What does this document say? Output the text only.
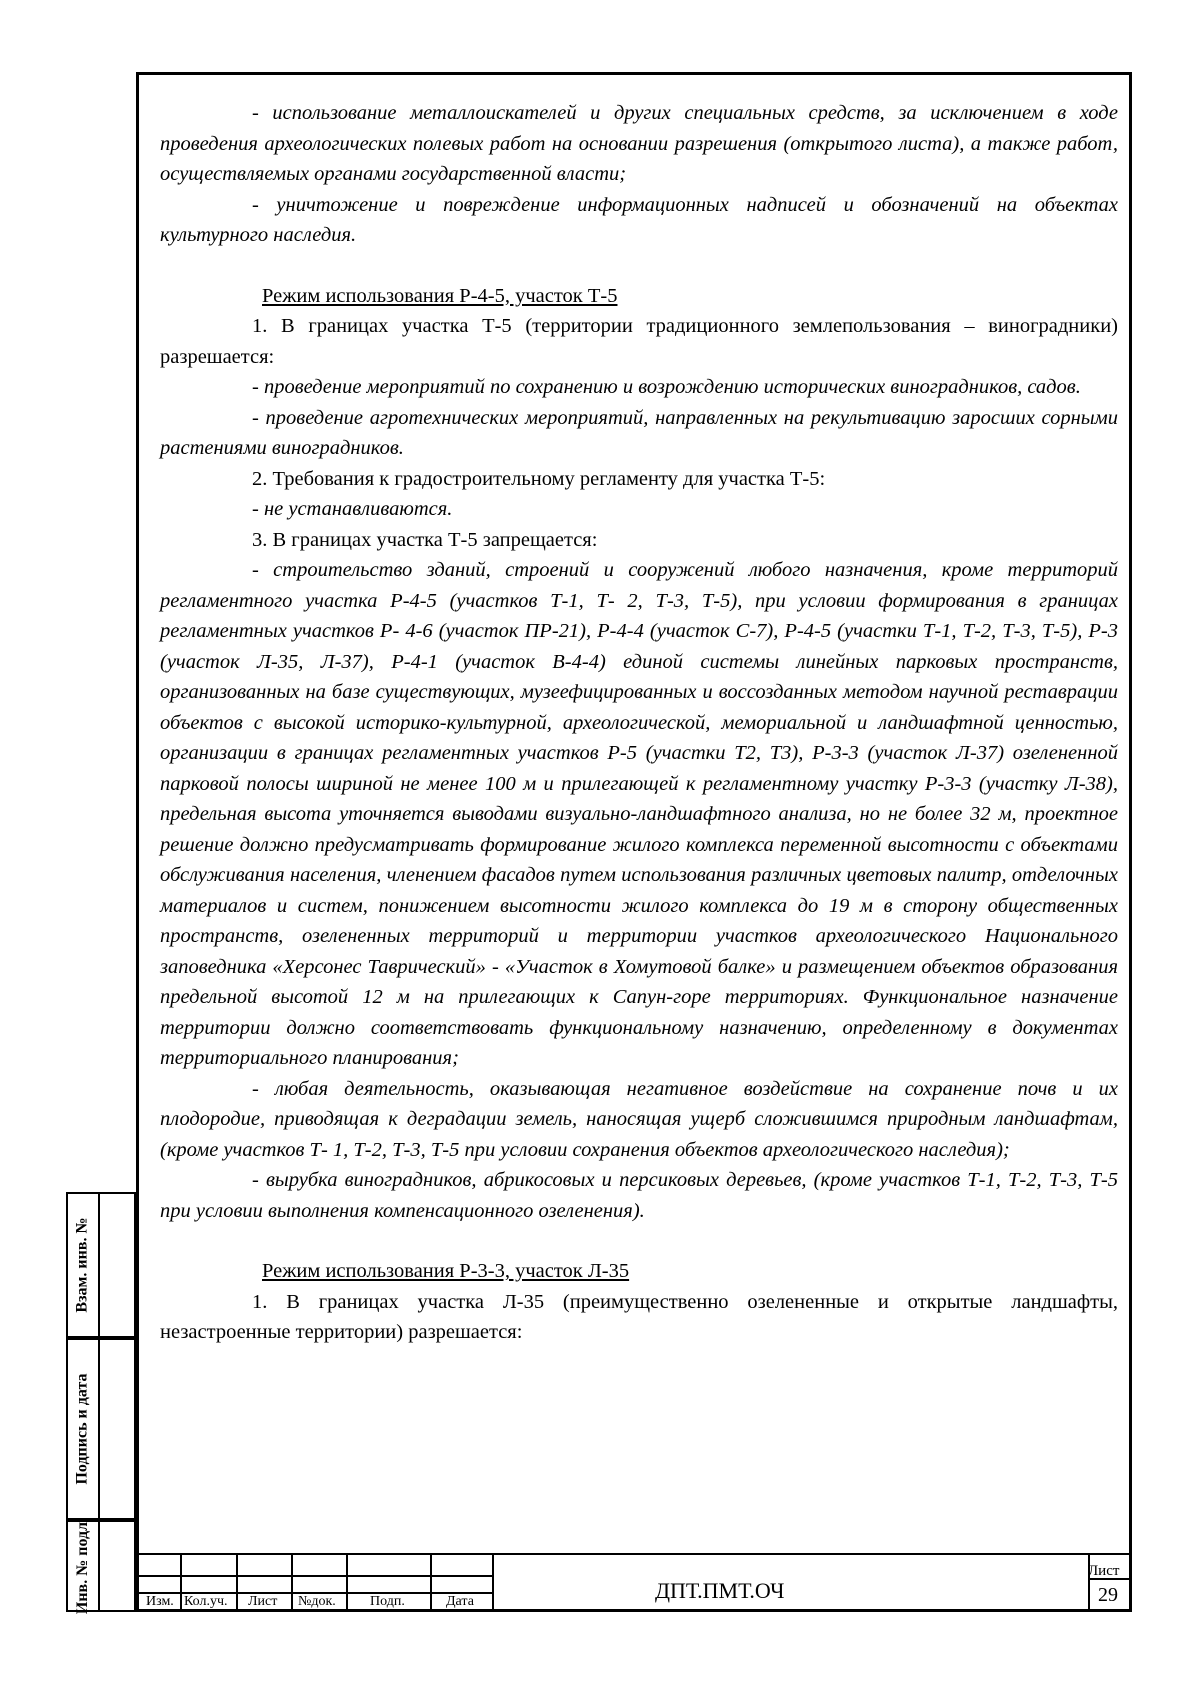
- использование металлоискателей и других специальных средств, за исключением в ходе проведения археологических полевых работ на основании разрешения (открытого листа), а также работ, осуществляемых органами государственной власти;

- уничтожение и повреждение информационных надписей и обозначений на объектах культурного наследия.

Режим использования Р-4-5, участок Т-5

1. В границах участка Т-5 (территории традиционного землепользования – виноградники) разрешается:

- проведение мероприятий по сохранению и возрождению исторических виноградников, садов.

- проведение агротехнических мероприятий, направленных на рекультивацию заросших сорными растениями виноградников.

2. Требования к градостроительному регламенту для участка Т-5:

- не устанавливаются.

3. В границах участка Т-5 запрещается:

- строительство зданий, строений и сооружений любого назначения, кроме территорий регламентного участка Р-4-5 (участков Т-1, Т- 2, Т-3, Т-5), при условии формирования в границах регламентных участков Р- 4-6 (участок ПР-21), Р-4-4 (участок С-7), Р-4-5 (участки Т-1, Т-2, Т-3, Т-5), Р-3 (участок Л-35, Л-37), Р-4-1 (участок В-4-4) единой системы линейных парковых пространств, организованных на базе существующих, музеефицированных и воссозданных методом научной реставрации объектов с высокой историко-культурной, археологической, мемориальной и ландшафтной ценностью, организации в границах регламентных участков Р-5 (участки Т2, Т3), Р-3-3 (участок Л-37) озелененной парковой полосы шириной не менее 100 м и прилегающей к регламентному участку Р-3-3 (участку Л-38), предельная высота уточняется выводами визуально-ландшафтного анализа, но не более 32 м, проектное решение должно предусматривать формирование жилого комплекса переменной высотности с объектами обслуживания населения, членением фасадов путем использования различных цветовых палитр, отделочных материалов и систем, понижением высотности жилого комплекса до 19 м в сторону общественных пространств, озелененных территорий и территории участков археологического Национального заповедника «Херсонес Таврический» - «Участок в Хомутовой балке» и размещением объектов образования предельной высотой 12 м на прилегающих к Сапун-горе территориях. Функциональное назначение территории должно соответствовать функциональному назначению, определенному в документах территориального планирования;

- любая деятельность, оказывающая негативное воздействие на сохранение почв и их плодородие, приводящая к деградации земель, наносящая ущерб сложившимся природным ландшафтам, (кроме участков Т- 1, Т-2, Т-3, Т-5 при условии сохранения объектов археологического наследия);

- вырубка виноградников, абрикосовых и персиковых деревьев, (кроме участков Т-1, Т-2, Т-3, Т-5 при условии выполнения компенсационного озеленения).

Режим использования Р-3-3, участок Л-35

1. В границах участка Л-35 (преимущественно озелененные и открытые ландшафты, незастроенные территории) разрешается:

Взам. инв. №
Подпись и дата
Инв. № подл.	Изм. Кол.уч. Лист №док. Подп.	Дата	ДПТ.ПМТ.ОЧ
Лист
29
